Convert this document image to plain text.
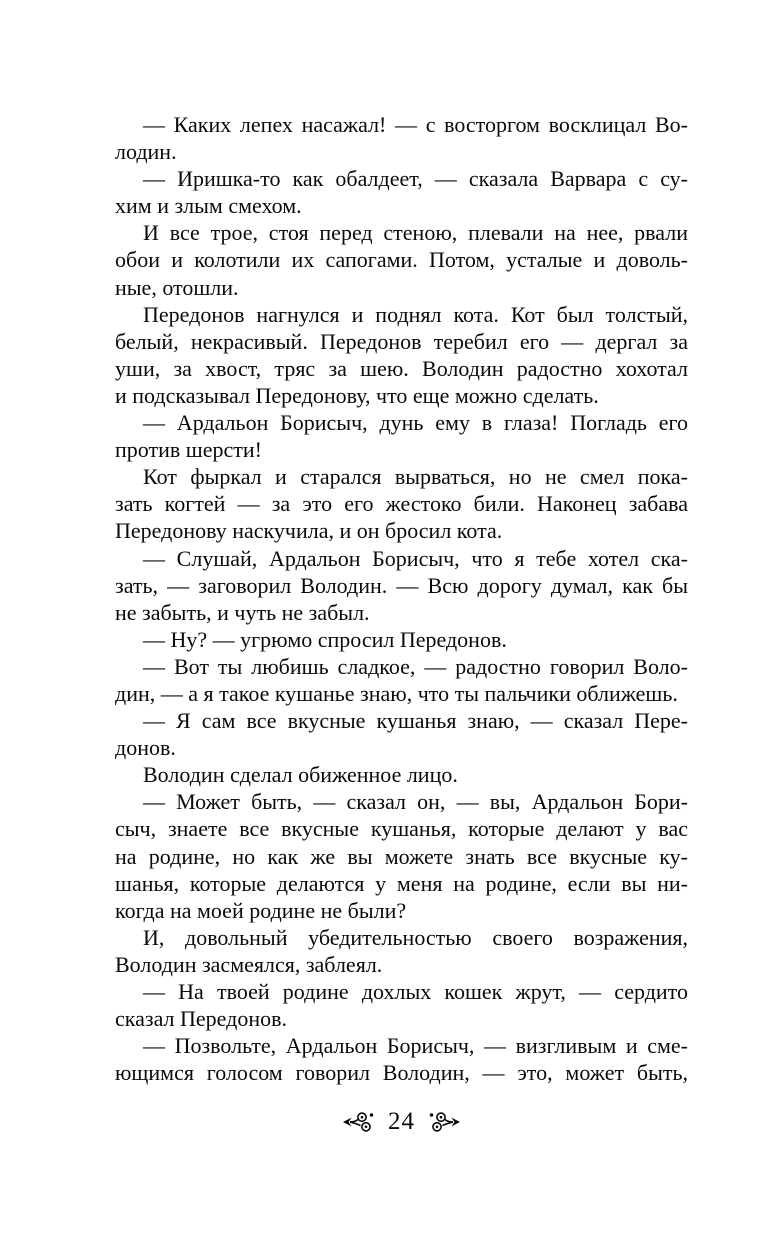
— Каких лепех насажал! — с восторгом восклицал Во-
лодин.
— Иришка-то как обалдеет, — сказала Варвара с су-
хим и злым смехом.
И все трое, стоя перед стеною, плевали на нее, рвали
обои и колотили их сапогами. Потом, усталые и доволь-
ные, отошли.
Передонов нагнулся и поднял кота. Кот был толстый,
белый, некрасивый. Передонов теребил его — дергал за
уши, за хвост, тряс за шею. Володин радостно хохотал
и подсказывал Передонову, что еще можно сделать.
— Ардальон Борисыч, дунь ему в глаза! Погладь его
против шерсти!
Кот фыркал и старался вырваться, но не смел пока-
зать когтей — за это его жестоко били. Наконец забава
Передонову наскучила, и он бросил кота.
— Слушай, Ардальон Борисыч, что я тебе хотел ска-
зать, — заговорил Володин. — Всю дорогу думал, как бы
не забыть, и чуть не забыл.
— Ну? — угрюмо спросил Передонов.
— Вот ты любишь сладкое, — радостно говорил Воло-
дин, — а я такое кушанье знаю, что ты пальчики оближешь.
— Я сам все вкусные кушанья знаю, — сказал Пере-
донов.
Володин сделал обиженное лицо.
— Может быть, — сказал он, — вы, Ардальон Бори-
сыч, знаете все вкусные кушанья, которые делают у вас
на родине, но как же вы можете знать все вкусные ку-
шанья, которые делаются у меня на родине, если вы ни-
когда на моей родине не были?
И, довольный убедительностью своего возражения,
Володин засмеялся, заблеял.
— На твоей родине дохлых кошек жрут, — сердито
сказал Передонов.
— Позвольте, Ардальон Борисыч, — визгливым и сме-
ющимся голосом говорил Володин, — это, может быть,
24
